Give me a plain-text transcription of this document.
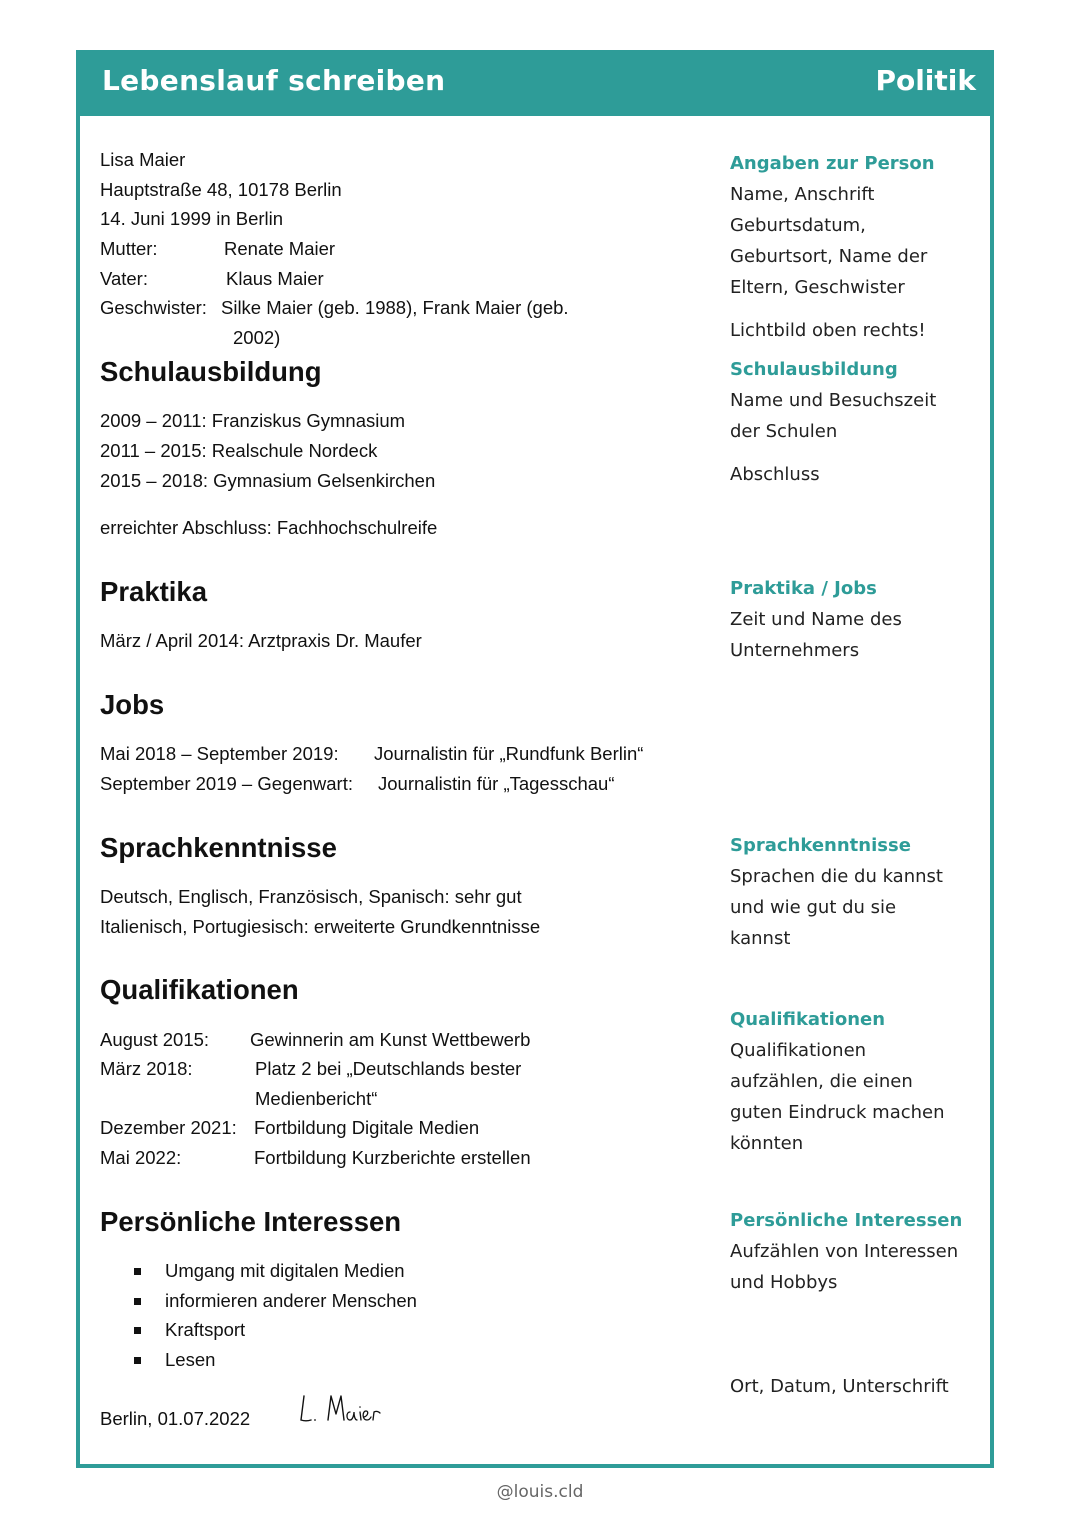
Lebenslauf schreiben	Politik
Lisa Maier
Hauptstraße 48, 10178 Berlin
14. Juni 1999 in Berlin
Mutter:	Renate Maier
Vater:	Klaus Maier
Geschwister: Silke Maier (geb. 1988), Frank Maier (geb.
2002)
Schulausbildung
2009 – 2011: Franziskus Gymnasium
2011 – 2015: Realschule Nordeck
2015 – 2018: Gymnasium Gelsenkirchen
erreichter Abschluss: Fachhochschulreife
Praktika
März / April 2014: Arztpraxis Dr. Maufer
Jobs
Mai 2018 – September 2019: Journalistin für „Rundfunk Berlin“
September 2019 – Gegenwart: Journalistin für „Tagesschau“
Sprachkenntnisse
Deutsch, Englisch, Französisch, Spanisch: sehr gut
Italienisch, Portugiesisch: erweiterte Grundkenntnisse
Qualifikationen
August 2015: Gewinnerin am Kunst Wettbewerb
März 2018:	Platz 2 bei „Deutschlands bester
Medienbericht“
Dezember 2021: Fortbildung Digitale Medien
Mai 2022:	Fortbildung Kurzberichte erstellen
Persönliche Interessen
Umgang mit digitalen Medien
informieren anderer Menschen
Kraftsport
Lesen
Berlin, 01.07.2022
Angaben zur Person
Name, Anschrift
Geburtsdatum,
Geburtsort, Name der
Eltern, Geschwister
Lichtbild oben rechts!
Schulausbildung
Name und Besuchszeit
der Schulen
Abschluss
Praktika / Jobs
Zeit und Name des
Unternehmers
Sprachkenntnisse
Sprachen die du kannst
und wie gut du sie
kannst
Qualifikationen
Qualifikationen
aufzählen, die einen
guten Eindruck machen
könnten
Persönliche Interessen
Aufzählen von Interessen
und Hobbys
Ort, Datum, Unterschrift
@louis.cld
